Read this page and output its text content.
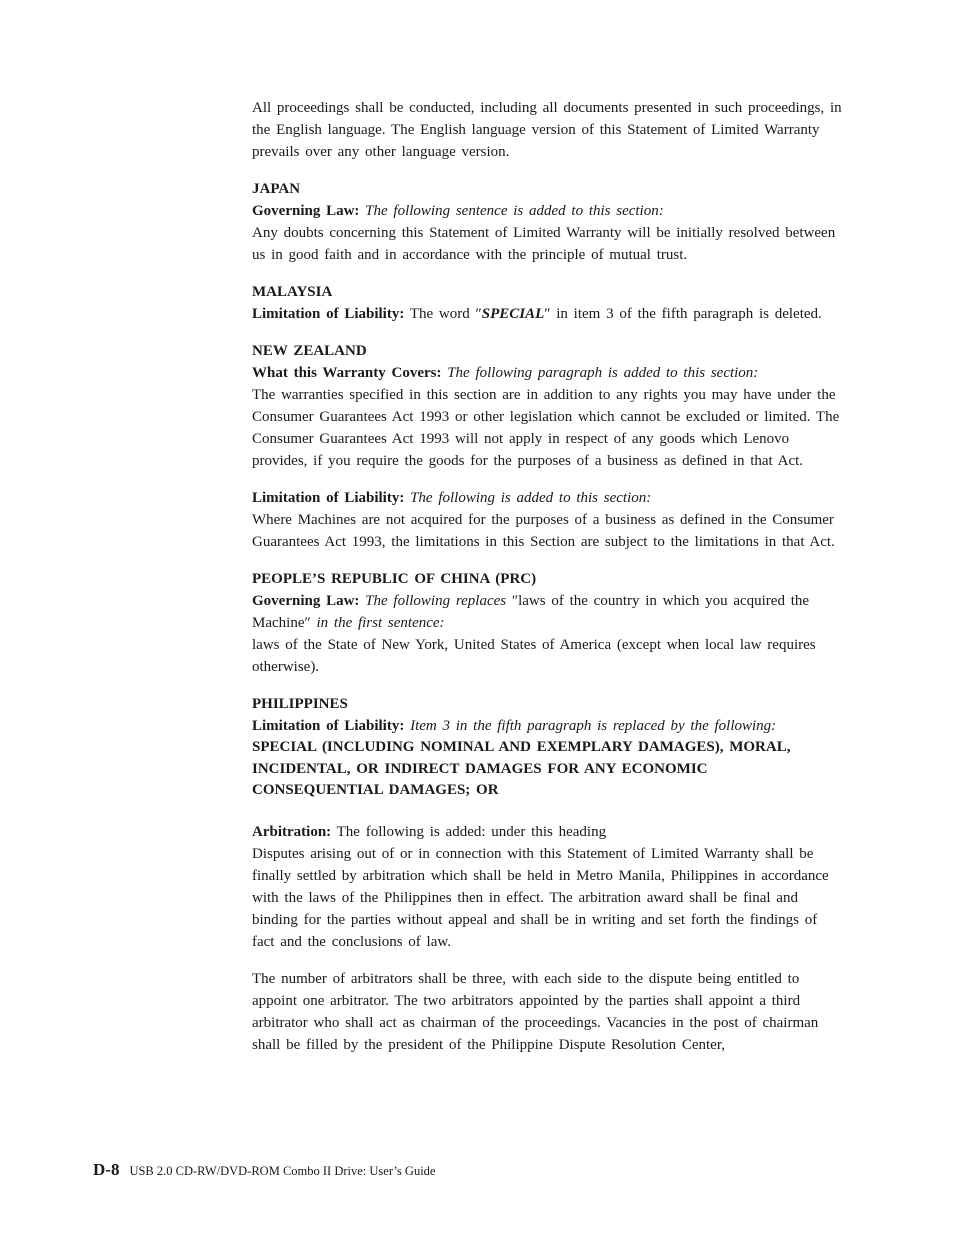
All proceedings shall be conducted, including all documents presented in such proceedings, in the English language. The English language version of this Statement of Limited Warranty prevails over any other language version.

JAPAN

Governing Law: The following sentence is added to this section:

Any doubts concerning this Statement of Limited Warranty will be initially resolved between us in good faith and in accordance with the principle of mutual trust.

MALAYSIA

Limitation of Liability: The word ″SPECIAL″ in item 3 of the fifth paragraph is deleted.

NEW ZEALAND

What this Warranty Covers: The following paragraph is added to this section:

The warranties specified in this section are in addition to any rights you may have under the Consumer Guarantees Act 1993 or other legislation which cannot be excluded or limited. The Consumer Guarantees Act 1993 will not apply in respect of any goods which Lenovo provides, if you require the goods for the purposes of a business as defined in that Act.

Limitation of Liability: The following is added to this section:

Where Machines are not acquired for the purposes of a business as defined in the Consumer Guarantees Act 1993, the limitations in this Section are subject to the limitations in that Act.

PEOPLE’S REPUBLIC OF CHINA (PRC)

Governing Law: The following replaces ″laws of the country in which you acquired the Machine″ in the first sentence:

laws of the State of New York, United States of America (except when local law requires otherwise).

PHILIPPINES

Limitation of Liability: Item 3 in the fifth paragraph is replaced by the following:

SPECIAL (INCLUDING NOMINAL AND EXEMPLARY DAMAGES), MORAL, INCIDENTAL, OR INDIRECT DAMAGES FOR ANY ECONOMIC CONSEQUENTIAL DAMAGES; OR

Arbitration: The following is added: under this heading

Disputes arising out of or in connection with this Statement of Limited Warranty shall be finally settled by arbitration which shall be held in Metro Manila, Philippines in accordance with the laws of the Philippines then in effect. The arbitration award shall be final and binding for the parties without appeal and shall be in writing and set forth the findings of fact and the conclusions of law.

The number of arbitrators shall be three, with each side to the dispute being entitled to appoint one arbitrator. The two arbitrators appointed by the parties shall appoint a third arbitrator who shall act as chairman of the proceedings. Vacancies in the post of chairman shall be filled by the president of the Philippine Dispute Resolution Center,

D-8 USB 2.0 CD-RW/DVD-ROM Combo II Drive: User’s Guide
